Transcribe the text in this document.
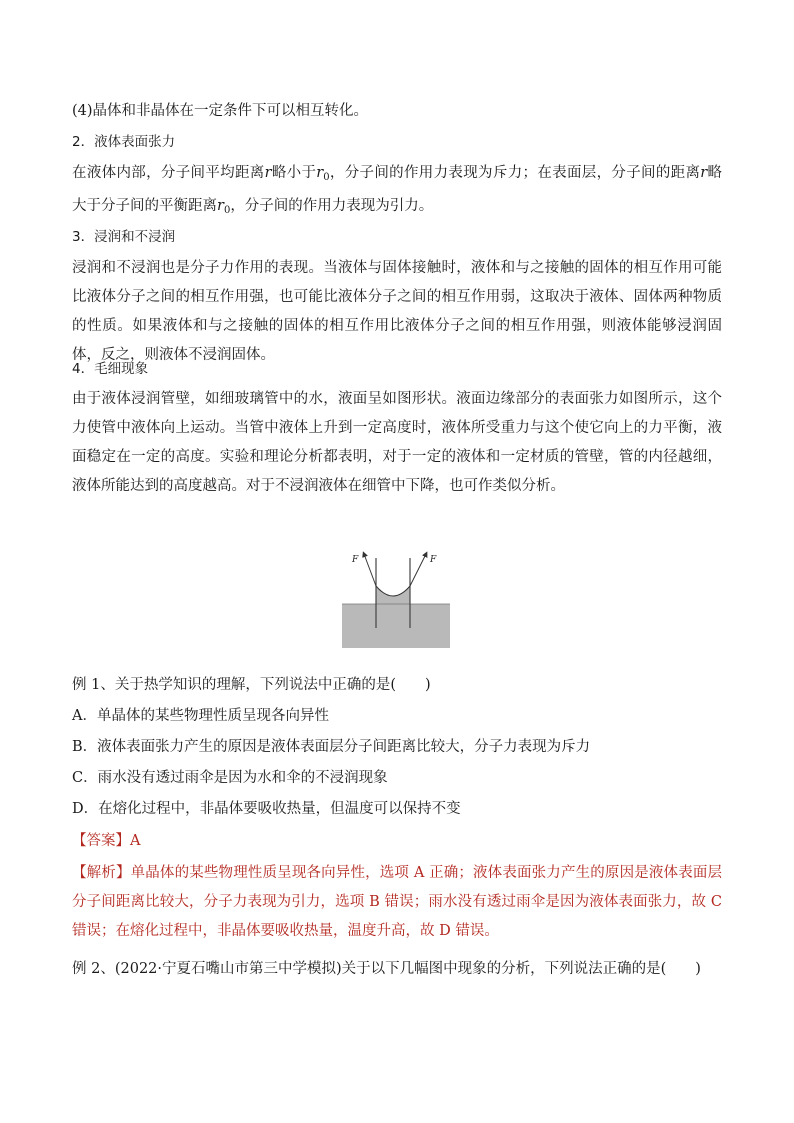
(4)晶体和非晶体在一定条件下可以相互转化。
2．液体表面张力
在液体内部，分子间平均距离r略小于$r_0$，分子间的作用力表现为斥力；在表面层，分子间的距离r略大于分子间的平衡距离$r_0$，分子间的作用力表现为引力。
3．浸润和不浸润
浸润和不浸润也是分子力作用的表现。当液体与固体接触时，液体和与之接触的固体的相互作用可能比液体分子之间的相互作用强，也可能比液体分子之间的相互作用弱，这取决于液体、固体两种物质的性质。如果液体和与之接触的固体的相互作用比液体分子之间的相互作用强，则液体能够浸润固体，反之，则液体不浸润固体。
4．毛细现象
由于液体浸润管壁，如细玻璃管中的水，液面呈如图形状。液面边缘部分的表面张力如图所示，这个力使管中液体向上运动。当管中液体上升到一定高度时，液体所受重力与这个使它向上的力平衡，液面稳定在一定的高度。实验和理论分析都表明，对于一定的液体和一定材质的管壁，管的内径越细，液体所能达到的高度越高。对于不浸润液体在细管中下降，也可作类似分析。
F	F
例 1、关于热学知识的理解，下列说法中正确的是(　　)
A．单晶体的某些物理性质呈现各向异性
B．液体表面张力产生的原因是液体表面层分子间距离比较大，分子力表现为斥力
C．雨水没有透过雨伞是因为水和伞的不浸润现象
D．在熔化过程中，非晶体要吸收热量，但温度可以保持不变
【答案】A
【解析】单晶体的某些物理性质呈现各向异性，选项 A 正确；液体表面张力产生的原因是液体表面层分子间距离比较大，分子力表现为引力，选项 B 错误；雨水没有透过雨伞是因为液体表面张力，故 C 错误；在熔化过程中，非晶体要吸收热量，温度升高，故 D 错误。
例 2、(2022·宁夏石嘴山市第三中学模拟)关于以下几幅图中现象的分析，下列说法正确的是(　　)
